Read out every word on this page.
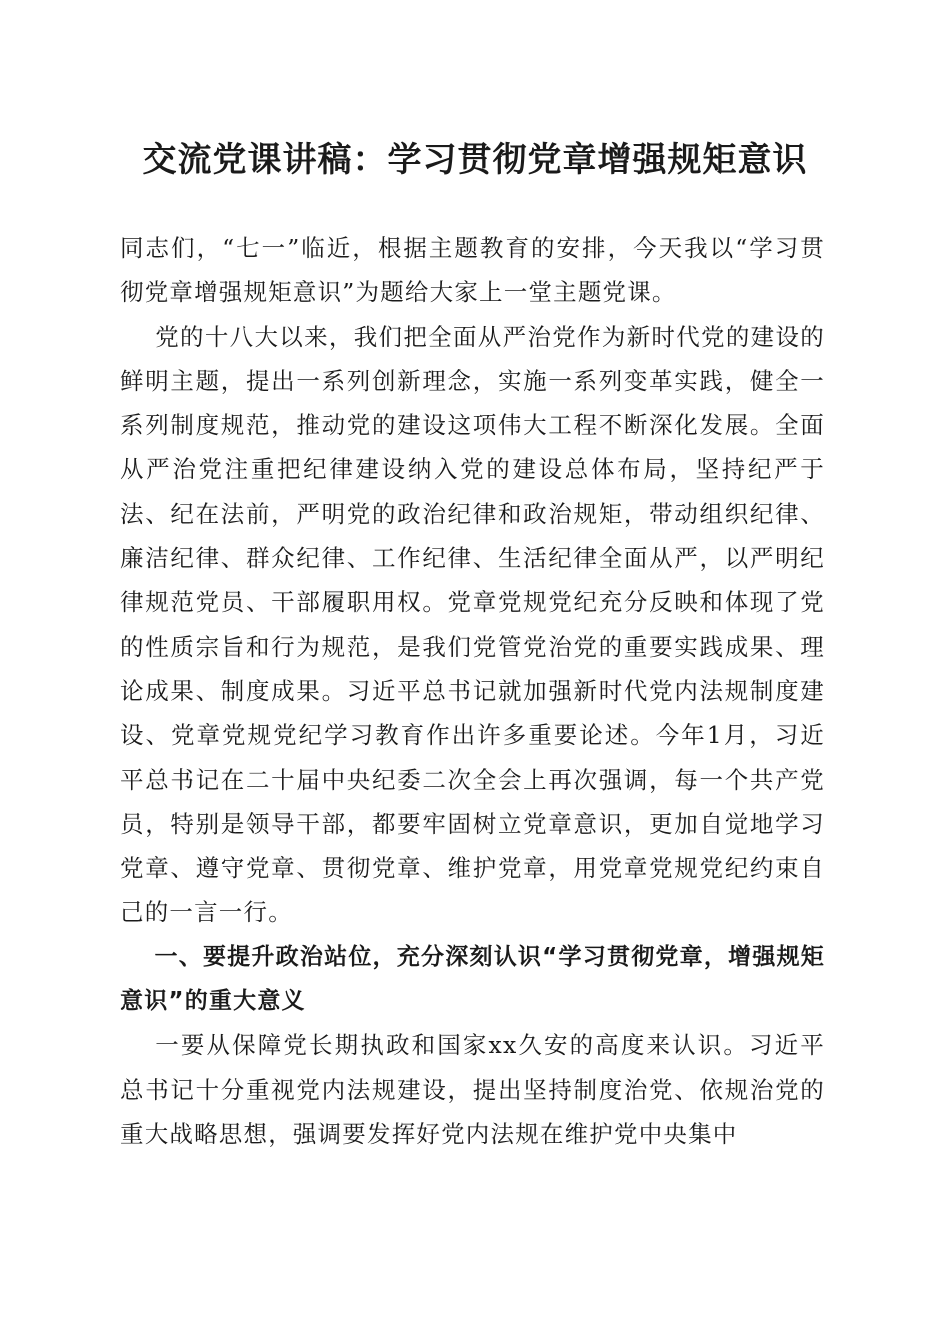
交流党课讲稿：学习贯彻党章增强规矩意识

同志们，“七一”临近，根据主题教育的安排，今天我以“学习贯彻党章增强规矩意识”为题给大家上一堂主题党课。

党的十八大以来，我们把全面从严治党作为新时代党的建设的鲜明主题，提出一系列创新理念，实施一系列变革实践，健全一系列制度规范，推动党的建设这项伟大工程不断深化发展。全面从严治党注重把纪律建设纳入党的建设总体布局，坚持纪严于法、纪在法前，严明党的政治纪律和政治规矩，带动组织纪律、廉洁纪律、群众纪律、工作纪律、生活纪律全面从严，以严明纪律规范党员、干部履职用权。党章党规党纪充分反映和体现了党的性质宗旨和行为规范，是我们党管党治党的重要实践成果、理论成果、制度成果。习近平总书记就加强新时代党内法规制度建设、党章党规党纪学习教育作出许多重要论述。今年1月，习近平总书记在二十届中央纪委二次全会上再次强调，每一个共产党员，特别是领导干部，都要牢固树立党章意识，更加自觉地学习党章、遵守党章、贯彻党章、维护党章，用党章党规党纪约束自己的一言一行。

一、要提升政治站位，充分深刻认识“学习贯彻党章，增强规矩意识”的重大意义

一要从保障党长期执政和国家xx久安的高度来认识。习近平总书记十分重视党内法规建设，提出坚持制度治党、依规治党的重大战略思想，强调要发挥好党内法规在维护党中央集中
